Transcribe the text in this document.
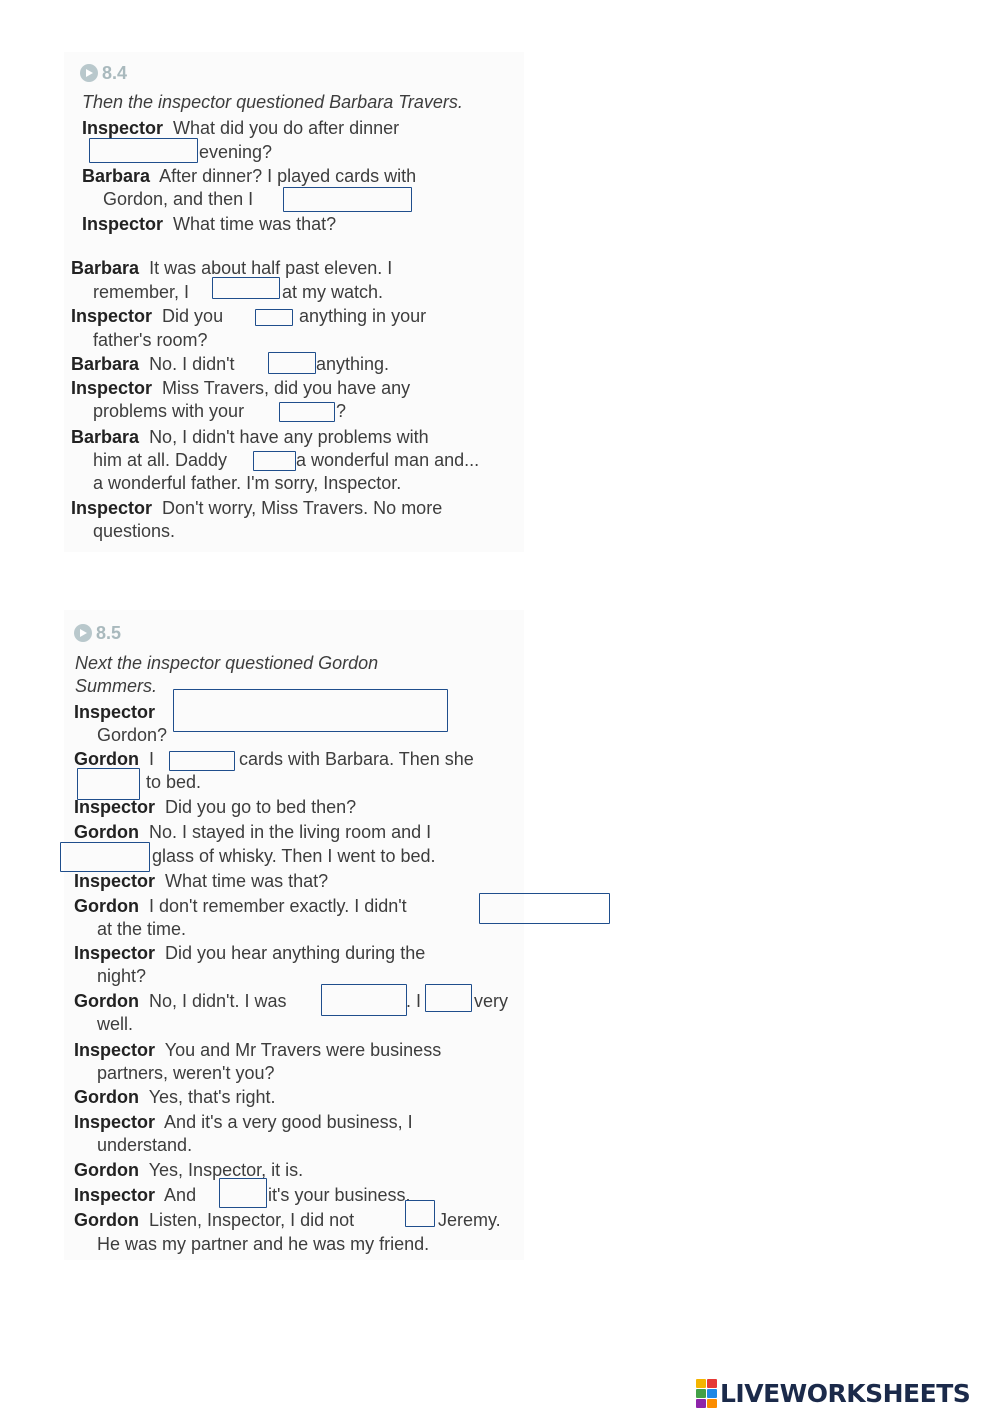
8.4
Then the inspector questioned Barbara Travers.
Inspector What did you do after dinner
evening?
Barbara After dinner? I played cards with
Gordon, and then I
Inspector What time was that?
Barbara It was about half past eleven. I
remember, I	at my watch.
Inspector Did you	anything in your
father's room?
Barbara No. I didn't	anything.
Inspector Miss Travers, did you have any
problems with your	?
Barbara No, I didn't have any problems with
him at all. Daddy	a wonderful man and...
a wonderful father. I'm sorry, Inspector.
Inspector Don't worry, Miss Travers. No more
questions.
8.5
Next the inspector questioned Gordon
Summers.
Inspector
Gordon?
Gordon I	cards with Barbara. Then she
to bed.
Inspector Did you go to bed then?
Gordon No. I stayed in the living room and I
glass of whisky. Then I went to bed.
Inspector What time was that?
Gordon I don't remember exactly. I didn't
at the time.
Inspector Did you hear anything during the
night?
Gordon No, I didn't. I was	. I	very
well.
Inspector You and Mr Travers were business
partners, weren't you?
Gordon Yes, that's right.
Inspector And it's a very good business, I
understand.
Gordon Yes, Inspector, it is.
Inspector And	it's your business.
Gordon Listen, Inspector, I did not	Jeremy.
He was my partner and he was my friend.
LIVEWORKSHEETS
